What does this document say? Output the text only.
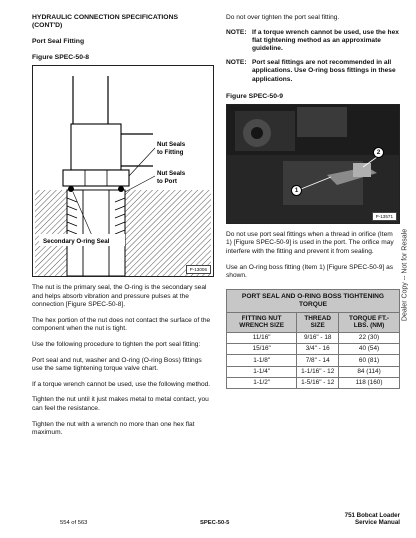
HYDRAULIC CONNECTION SPECIFICATIONS
(CONT'D)
Port Seal Fitting
Figure SPEC-50-8
Nut Seals
to Fitting
Nut Seals
to Port
Secondary O-ring Seal
P-13006

The nut is the primary seal, the O-ring is the secondary seal and helps absorb vibration and pressure pulses at the connection [Figure SPEC-50-8].

The hex portion of the nut does not contact the surface of the component when the nut is tight.

Use the following procedure to tighten the port seal fitting:

Port seal and nut, washer and O-ring (O-ring Boss) fittings use the same tightening torque valve chart.

If a torque wrench cannot be used, use the following method.

Tighten the nut until it just makes metal to metal contact, you can feel the resistance.

Tighten the nut with a wrench no more than one hex flat maximum.

Do not over tighten the port seal fitting.

NOTE: If a torque wrench cannot be used, use the hex flat tightening method as an approximate guideline.
NOTE: Port seal fittings are not recommended in all applications. Use O-ring boss fittings in these applications.
Figure SPEC-50-9
2
1
P-13571

Do not use port seal fittings when a thread in orifice (Item 1) [Figure SPEC-50-9] is used in the port. The orifice may interfere with the fitting and prevent it from sealing.

Use an O-ring boss fitting (Item 1) [Figure SPEC-50-9] as shown.

PORT SEAL AND O-RING BOSS TIGHTENING TORQUE		
FITTING NUT WRENCH SIZE	THREAD SIZE	TORQUE FT.- LBS. (NM)
11/16"	9/16" - 18	22 (30)
15/16"	3/4" - 16	40 (54)
1-1/8"	7/8" - 14	60 (81)
1-1/4"	1-1/16" - 12	84 (114)
1-1/2"	1-5/16" - 12	118 (160)
Dealer Copy -- Not for Resale
554 of 563	SPEC-50-5
751 Bobcat Loader
Service Manual
